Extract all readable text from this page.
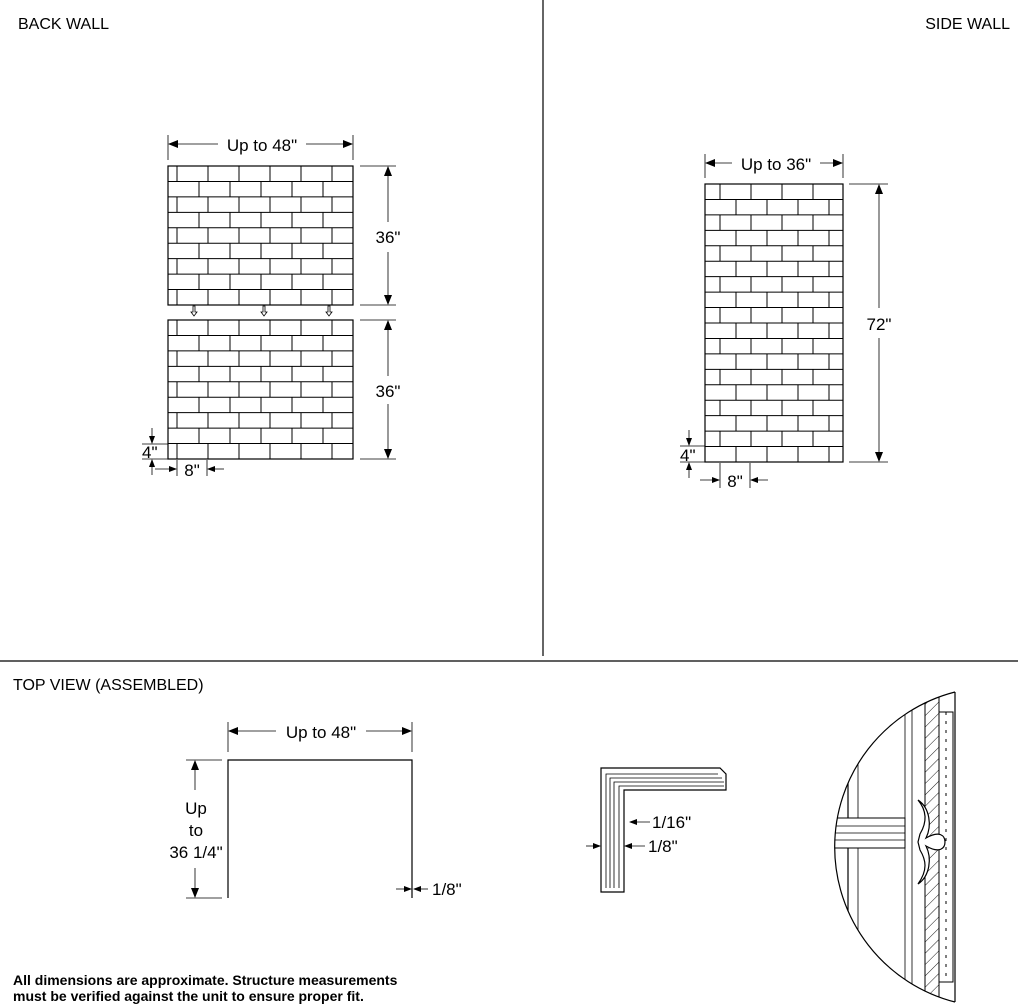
BACK WALL	SIDE WALL
TOP VIEW (ASSEMBLED)
Up to 48"
36"
36"
4"
8"
Up to 36"
72"
4"
8"
Up to 48"
Up
to
36 1/4"
1/8"
1/16"
1/8"
All dimensions are approximate. Structure measurements
must be verified against the unit to ensure proper fit.
